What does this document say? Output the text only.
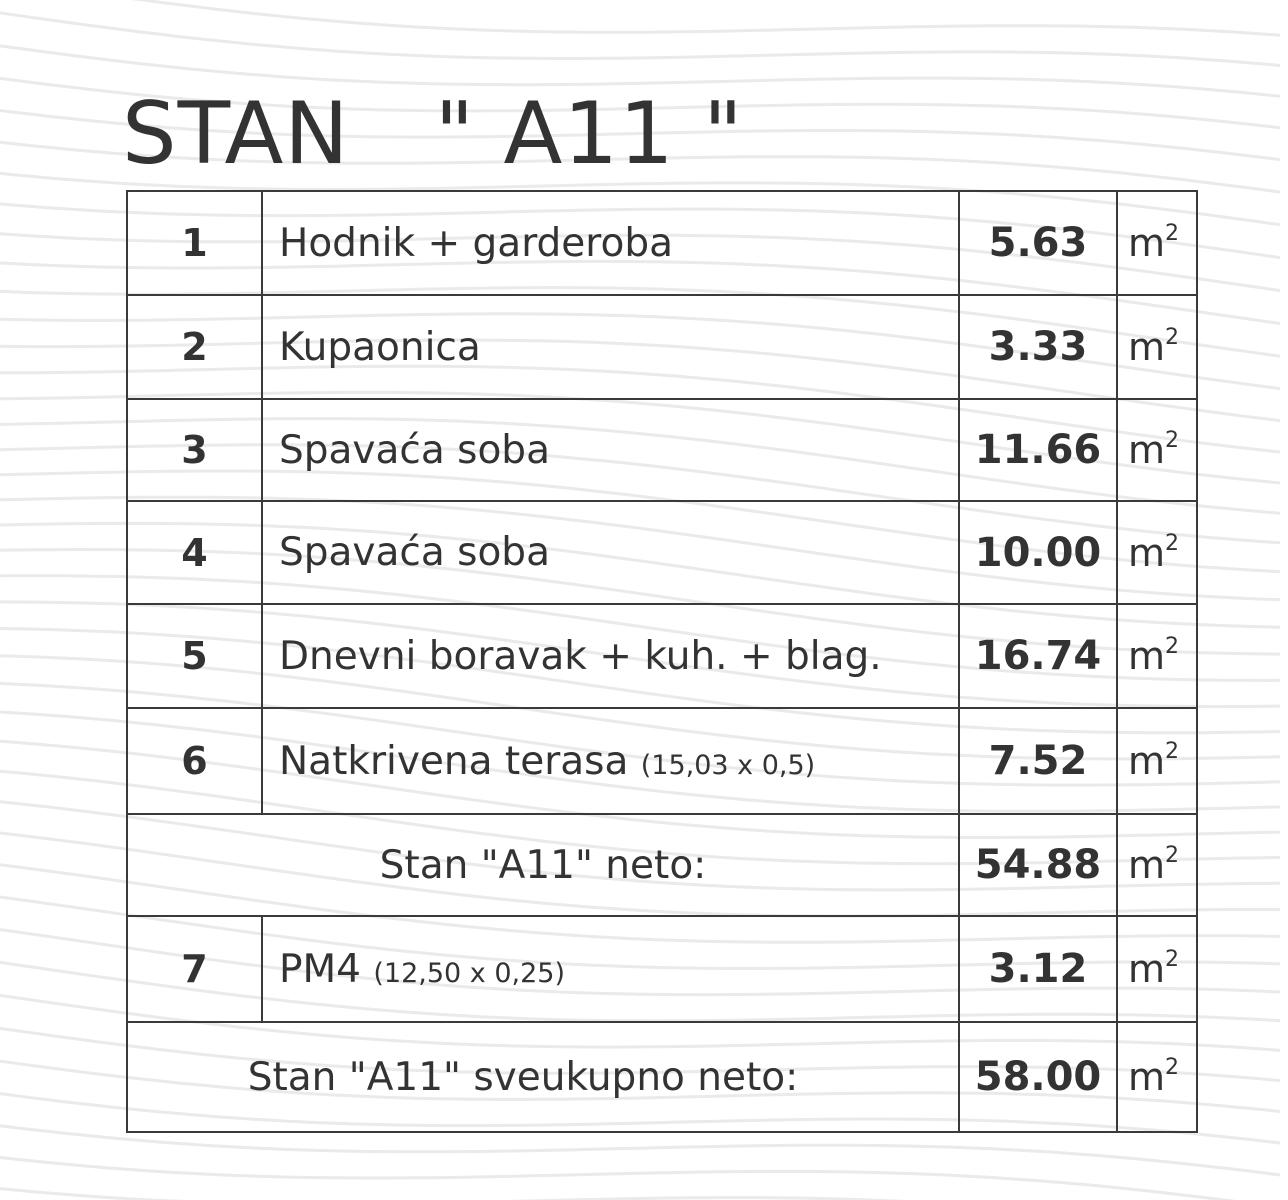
STAN   " A11 "
1	Hodnik + garderoba	5.63	$m^2$
2	Kupaonica	3.33	$m^2$
3	Spavaća soba	11.66	$m^2$
4	Spavaća soba	10.00	$m^2$
5	Dnevni boravak + kuh. + blag.	16.74	$m^2$
6	Natkrivena terasa (15,03 x 0,5)	7.52	$m^2$
Stan "A11" neto:		54.88	$m^2$
7	PM4 (12,50 x 0,25)	3.12	$m^2$
Stan "A11" sveukupno neto:		58.00	$m^2$
